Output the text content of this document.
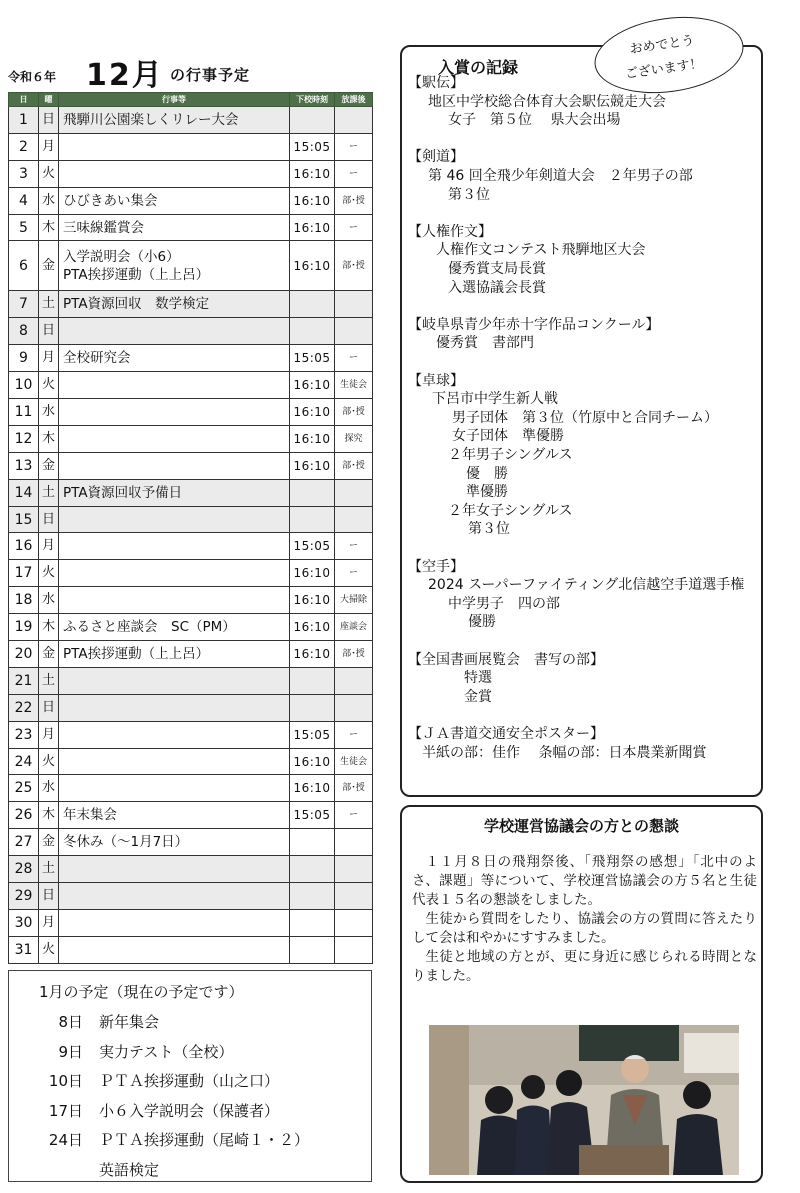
令和６年 12月 の行事予定
日	曜	行事等	下校時刻	放課後
1	日	飛騨川公園楽しくリレー大会		

2	月		15:05	ー
3	火		16:10	ー
4	水	ひびきあい集会	16:10	部･授
5	木	三味線鑑賞会	16:10	ー
6	金	入学説明会（小6）
PTA挨拶運動（上上呂）	16:10	部･授
7	土	PTA資源回収　数学検定		

8	日	

9	月	全校研究会	15:05	ー
10	火		16:10	生徒会
11	水		16:10	部･授
12	木		16:10	探究
13	金		16:10	部･授
14	土	PTA資源回収予備日		

15	日	

16	月		15:05	ー
17	火		16:10	ー
18	水		16:10	大掃除
19	木	ふるさと座談会　SC（PM）	16:10	座談会
20	金	PTA挨拶運動（上上呂）	16:10	部･授
21	土	

22	日	

23	月		15:05	ー
24	火		16:10	生徒会
25	水		16:10	部･授
26	木	年末集会	15:05	ー
27	金	冬休み（～1月7日）		

28	土	

29	日	

30	月	

31	火	

1月の予定（現在の予定です）
8日 新年集会
9日 実力テスト（全校）
10日 ＰＴＡ挨拶運動（山之口）
17日 小６入学説明会（保護者）
24日 ＰＴＡ挨拶運動（尾崎１・２）
英語検定
入賞の記録
【駅伝】
地区中学校総合体育大会駅伝競走大会
女子　第５位　 県大会出場
【剣道】
第 46 回全飛少年剣道大会　２年男子の部
第３位
【人権作文】
人権作文コンテスト飛騨地区大会
優秀賞支局長賞
入選協議会長賞
【岐阜県青少年赤十字作品コンクール】
優秀賞　書部門
【卓球】
下呂市中学生新人戦
男子団体　第３位（竹原中と合同チーム）
女子団体　準優勝
２年男子シングルス
優　勝
準優勝
２年女子シングルス
第３位
【空手】
2024 スーパーファイティング北信越空手道選手権
中学男子　四の部
優勝
【全国書画展覧会　書写の部】
特選
金賞
【ＪＡ書道交通安全ポスター】
半紙の部：佳作　 条幅の部：日本農業新聞賞
おめでとう
ございます！
学校運営協議会の方との懇談

１１月８日の飛翔祭後、「飛翔祭の感想」「北中のよさ、課題」等について、学校運営協議会の方５名と生徒代表１５名の懇談をしました。

生徒から質問をしたり、協議会の方の質問に答えたりして会は和やかにすすみました。

生徒と地域の方とが、更に身近に感じられる時間となりました。
